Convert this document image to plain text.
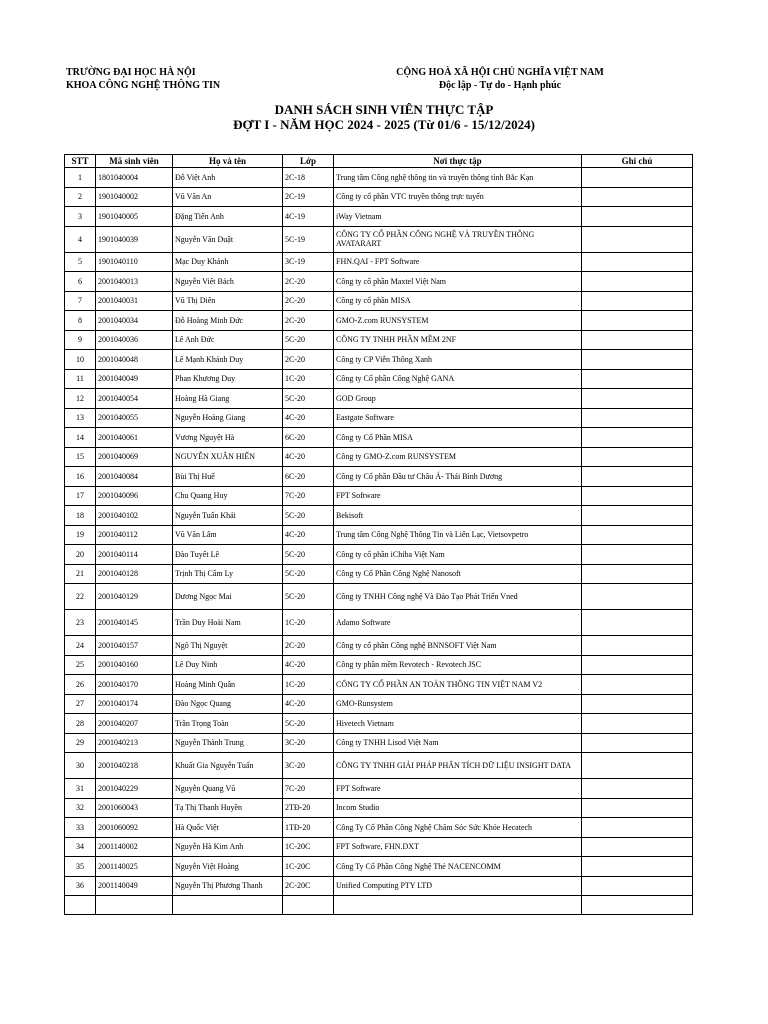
TRƯỜNG ĐẠI HỌC HÀ NỘI
KHOA CÔNG NGHỆ THÔNG TIN
CỘNG HOÀ XÃ HỘI CHỦ NGHĨA VIỆT NAM
Độc lập - Tự do - Hạnh phúc
DANH SÁCH SINH VIÊN THỰC TẬP
ĐỢT I - NĂM HỌC 2024 - 2025 (Từ 01/6 - 15/12/2024)
STT	Mã sinh viên	Họ và tên	Lớp	Nơi thực tập	Ghi chú
1	1801040004	Đỗ Việt Anh	2C-18	Trung tâm Công nghệ thông tin và truyền thông tỉnh Bắc Kạn	
2	1901040002	Vũ Văn An	2C-19	Công ty cổ phần VTC truyền thông trực tuyến	
3	1901040005	Đặng Tiến Anh	4C-19	iWay Vietnam	
4	1901040039	Nguyễn Văn Duật	5C-19	CÔNG TY CỔ PHẦN CÔNG NGHỆ VÀ TRUYỀN THÔNG AVATARART	
5	1901040110	Mạc Duy Khánh	3C-19	FHN.QAI - FPT Software	
6	2001040013	Nguyễn Viết Bách	2C-20	Công ty cổ phần Maxtel Việt Nam	
7	2001040031	Vũ Thị Diên	2C-20	Công ty cổ phần MISA	
8	2001040034	Đỗ Hoàng Minh Đức	2C-20	GMO-Z.com RUNSYSTEM	
9	2001040036	Lê Anh Đức	5C-20	CÔNG TY TNHH PHẦN MỀM 2NF	
10	2001040048	Lê Mạnh Khánh Duy	2C-20	Công ty CP Viễn Thông Xanh	
11	2001040049	Phan Khương Duy	1C-20	Công ty Cổ phần Công Nghệ GANA	
12	2001040054	Hoàng Hà Giang	5C-20	GOD Group	
13	2001040055	Nguyễn Hoàng Giang	4C-20	Eastgate Software	
14	2001040061	Vương Nguyệt Hà	6C-20	Công ty Cổ Phần MISA	
15	2001040069	NGUYỄN XUÂN HIỂN	4C-20	Công ty GMO-Z.com RUNSYSTEM	
16	2001040084	Bùi Thị Huế	6C-20	Công ty Cổ phần Đầu tư Châu Á- Thái Bình Dương	
17	2001040096	Chu Quang Huy	7C-20	FPT Software	
18	2001040102	Nguyễn Tuấn Khải	5C-20	Bekisoft	
19	2001040112	Vũ Văn Lâm	4C-20	Trung tâm Công Nghệ Thông Tin và Liên Lạc, Vietsovpetro	
20	2001040114	Đào Tuyết Lê	5C-20	Công ty cổ phần iChiba Việt Nam	
21	2001040128	Trịnh Thị Cẩm Ly	5C-20	Công ty Cổ Phần Công Nghệ Nanosoft	
22	2001040129	Dương Ngọc Mai	5C-20	Công ty TNHH Công nghệ Và Đào Tạo Phát Triển Vned	
23	2001040145	Trần Duy Hoài Nam	1C-20	Adamo Software	
24	2001040157	Ngô Thị Nguyệt	2C-20	Công ty cổ phần Công nghệ BNNSOFT Việt Nam	
25	2001040160	Lê Duy Ninh	4C-20	Công ty phần mềm Revotech - Revotech JSC	
26	2001040170	Hoàng Minh Quân	1C-20	CÔNG TY CỔ PHẦN AN TOÀN THÔNG TIN VIỆT NAM V2	
27	2001040174	Đào Ngọc Quang	4C-20	GMO-Runsystem	
28	2001040207	Trần Trọng Toàn	5C-20	Hivetech Vietnam	
29	2001040213	Nguyễn Thành Trung	3C-20	Công ty TNHH Lisod Việt Nam	
30	2001040218	Khuất Gia Nguyễn Tuấn	3C-20	CÔNG TY TNHH GIẢI PHÁP PHÂN TÍCH DỮ LIỆU INSIGHT DATA	
31	2001040229	Nguyễn Quang Vũ	7C-20	FPT Software	
32	2001060043	Tạ Thị Thanh Huyền	2TĐ-20	Incom Studio	
33	2001060092	Hà Quốc Việt	1TĐ-20	Công Ty Cổ Phần Công Nghệ Chăm Sóc Sức Khỏe Hecatech	
34	2001140002	Nguyễn Hà Kim Anh	1C-20C	FPT Software, FHN.DXT	
35	2001140025	Nguyễn Việt Hoàng	1C-20C	Công Ty Cổ Phần Công Nghệ Thẻ NACENCOMM	
36	2001140049	Nguyễn Thị Phương Thanh	2C-20C	Unified Computing PTY LTD	
